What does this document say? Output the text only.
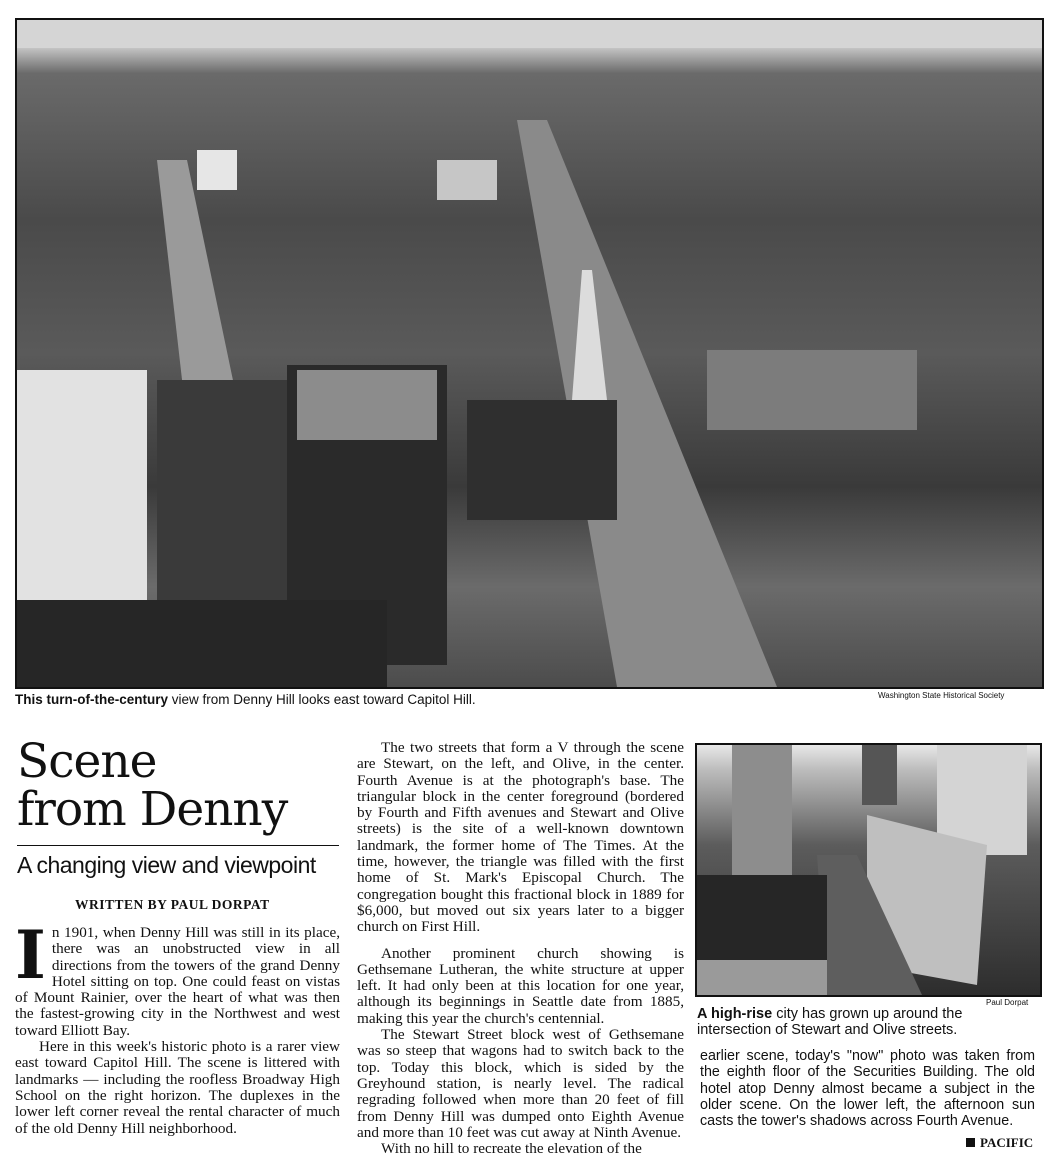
This turn-of-the-century view from Denny Hill looks east toward Capitol Hill.	Washington State Historical Society
Scene
from Denny
A changing view and viewpoint
WRITTEN BY PAUL DORPAT

In 1901, when Denny Hill was still in its place, there was an unobstructed view in all directions from the towers of the grand Denny Hotel sitting on top. One could feast on vistas of Mount Rainier, over the heart of what was then the fastest-growing city in the Northwest and west toward Elliott Bay.

Here in this week's historic photo is a rarer view east toward Capitol Hill. The scene is littered with landmarks — including the roofless Broadway High School on the right horizon. The duplexes in the lower left corner reveal the rental character of much of the old Denny Hill neighborhood.

The two streets that form a V through the scene are Stewart, on the left, and Olive, in the center. Fourth Avenue is at the photograph's base. The triangular block in the center foreground (bordered by Fourth and Fifth avenues and Stewart and Olive streets) is the site of a well-known downtown landmark, the former home of The Times. At the time, however, the triangle was filled with the first home of St. Mark's Episcopal Church. The congregation bought this fractional block in 1889 for $6,000, but moved out six years later to a bigger church on First Hill.

Another prominent church showing is Gethsemane Lutheran, the white structure at upper left. It had only been at this location for one year, although its beginnings in Seattle date from 1885, making this year the church's centennial.

The Stewart Street block west of Gethsemane was so steep that wagons had to switch back to the top. Today this block, which is sided by the Greyhound station, is nearly level. The radical regrading followed when more than 20 feet of fill from Denny Hill was dumped onto Eighth Avenue and more than 10 feet was cut away at Ninth Avenue.

With no hill to recreate the elevation of the

Paul Dorpat
A high-rise city has grown up around the intersection of Stewart and Olive streets.

earlier scene, today's "now" photo was taken from the eighth floor of the Securities Building. The old hotel atop Denny almost became a subject in the older scene. On the lower left, the afternoon sun casts the tower's shadows across Fourth Avenue.

PACIFIC
